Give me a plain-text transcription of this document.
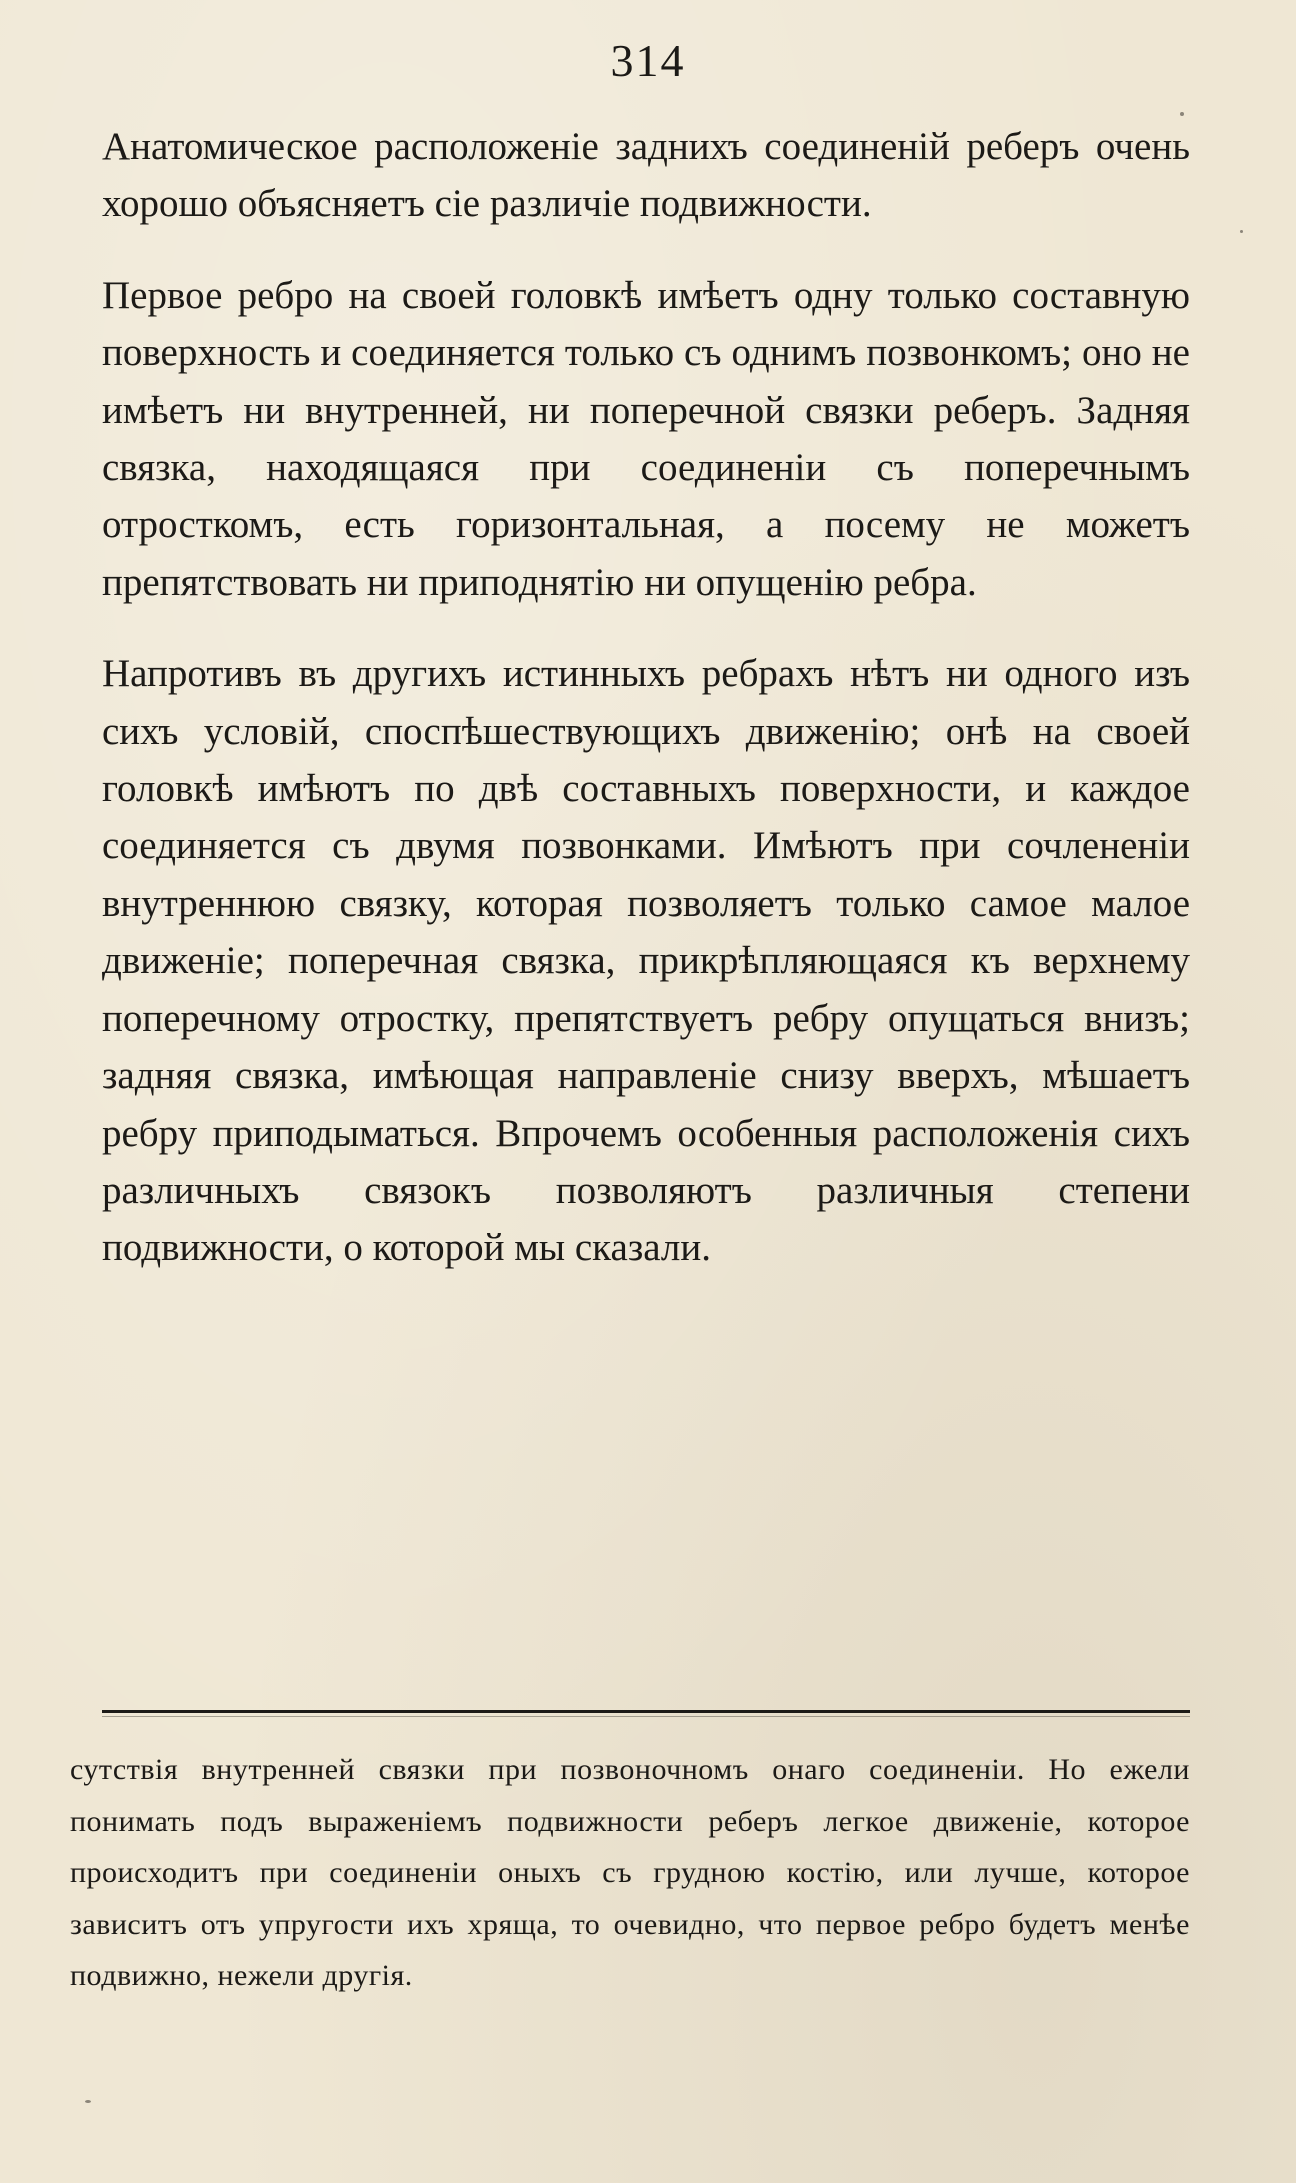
314

Анатомическое расположеніе заднихъ соединеній реберъ очень хорошо объясняетъ сіе различіе подвижности.

Первое ребро на своей головкѣ имѣетъ одну только составную поверхность и соединяется только съ однимъ позвонкомъ; оно не имѣетъ ни внутренней, ни поперечной связки реберъ. Задняя связка, находящаяся при соединеніи съ поперечнымъ отросткомъ, есть горизонтальная, а посему не можетъ препятствовать ни приподнятію ни опущенію ребра.

Напротивъ въ другихъ истинныхъ ребрахъ нѣтъ ни одного изъ сихъ условій, споспѣшествующихъ движенію; онѣ на своей головкѣ имѣютъ по двѣ составныхъ поверхности, и каждое соединяется съ двумя позвонками. Имѣютъ при сочлененіи внутреннюю связку, которая позволяетъ только самое малое движеніе; поперечная связка, прикрѣпляющаяся къ верхнему поперечному отростку, препятствуетъ ребру опущаться внизъ; задняя связка, имѣющая направленіе снизу вверхъ, мѣшаетъ ребру приподыматься. Впрочемъ особенныя расположенія сихъ различныхъ связокъ позволяютъ различныя степени подвижности, о которой мы сказали.

сутствія внутренней связки при позвоночномъ онаго соединеніи. Но ежели понимать подъ выраженіемъ подвижности реберъ легкое движеніе, которое происходитъ при соединеніи оныхъ съ грудною костію, или лучше, которое зависитъ отъ упругости ихъ хряща, то очевидно, что первое ребро будетъ менѣе подвижно, нежели другія.
